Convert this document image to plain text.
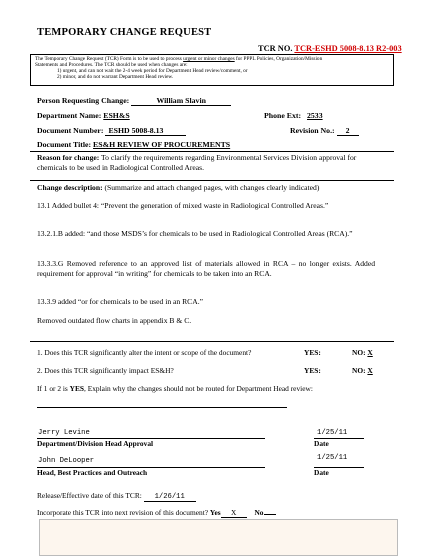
TEMPORARY CHANGE REQUEST
TCR NO. TCR-ESHD 5008-8.13 R2-003
The Temporary Change Request (TCR) Form is to be used to process urgent or minor changes for PPPL Policies, Organization/Mission
Statements and Procedures. The TCR should be used when changes are:
1) urgent, and can not wait the 2-4 week period for Department Head review/comment, or
2) minor, and do not warrant Department Head review.
Person Requesting Change:	William Slavin
Department Name: ESH&S	Phone Ext: 2533
Document Number: ESHD 5008-8.13	Revision No.: 2
Document Title: ES&H REVIEW OF PROCUREMENTS
Reason for change: To clarify the requirements regarding Environmental Services Division approval for chemicals to be used in Radiological Controlled Areas.
Change description: (Summarize and attach changed pages, with changes clearly indicated)
13.1 Added bullet 4: “Prevent the generation of mixed waste in Radiological Controlled Areas.”
13.2.1.B added: “and those MSDS’s for chemicals to be used in Radiological Controlled Areas (RCA).”
13.3.3.G Removed reference to an approved list of materials allowed in RCA – no longer exists. Added requirement for approval “in writing” for chemicals to be taken into an RCA.
13.3.9 added “or for chemicals to be used in an RCA.”
Removed outdated flow charts in appendix B & C.
1. Does this TCR significantly alter the intent or scope of the document?	YES:	NO: X
2. Does this TCR significantly impact ES&H?	YES:	NO: X
If 1 or 2 is YES, Explain why the changes should not be routed for Department Head review:
Jerry Levine	1/25/11
Department/Division Head Approval	Date
John DeLooper	1/25/11
Head, Best Practices and Outreach	Date
Release/Effective date of this TCR: 1/26/11
Incorporate this TCR into next revision of this document? Yes X No
